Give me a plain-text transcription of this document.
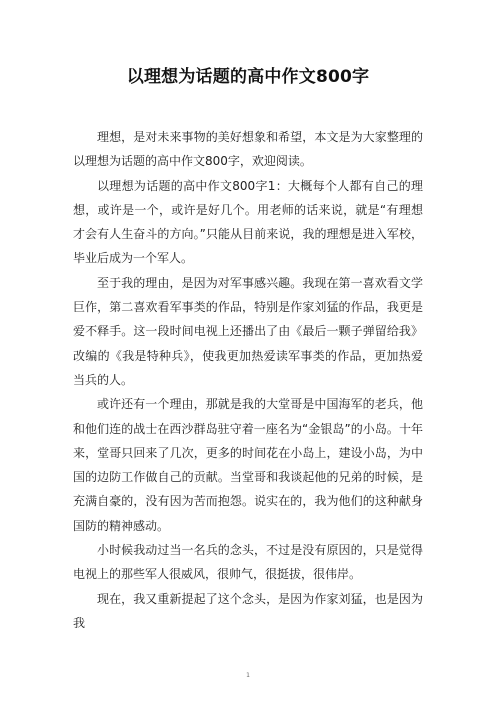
以理想为话题的高中作文800字

理想，是对未来事物的美好想象和希望，本文是为大家整理的以理想为话题的高中作文800字，欢迎阅读。

以理想为话题的高中作文800字1：大概每个人都有自己的理想，或许是一个，或许是好几个。用老师的话来说，就是“有理想才会有人生奋斗的方向。”只能从目前来说，我的理想是进入军校，毕业后成为一个军人。

至于我的理由，是因为对军事感兴趣。我现在第一喜欢看文学巨作，第二喜欢看军事类的作品，特别是作家刘猛的作品，我更是爱不释手。这一段时间电视上还播出了由《最后一颗子弹留给我》改编的《我是特种兵》，使我更加热爱读军事类的作品，更加热爱当兵的人。

或许还有一个理由，那就是我的大堂哥是中国海军的老兵，他和他们连的战士在西沙群岛驻守着一座名为“金银岛”的小岛。十年来，堂哥只回来了几次，更多的时间花在小岛上，建设小岛，为中国的边防工作做自己的贡献。当堂哥和我谈起他的兄弟的时候，是充满自豪的，没有因为苦而抱怨。说实在的，我为他们的这种献身国防的精神感动。

小时候我动过当一名兵的念头，不过是没有原因的，只是觉得电视上的那些军人很威风，很帅气，很挺拔，很伟岸。

现在，我又重新提起了这个念头，是因为作家刘猛，也是因为我

1
